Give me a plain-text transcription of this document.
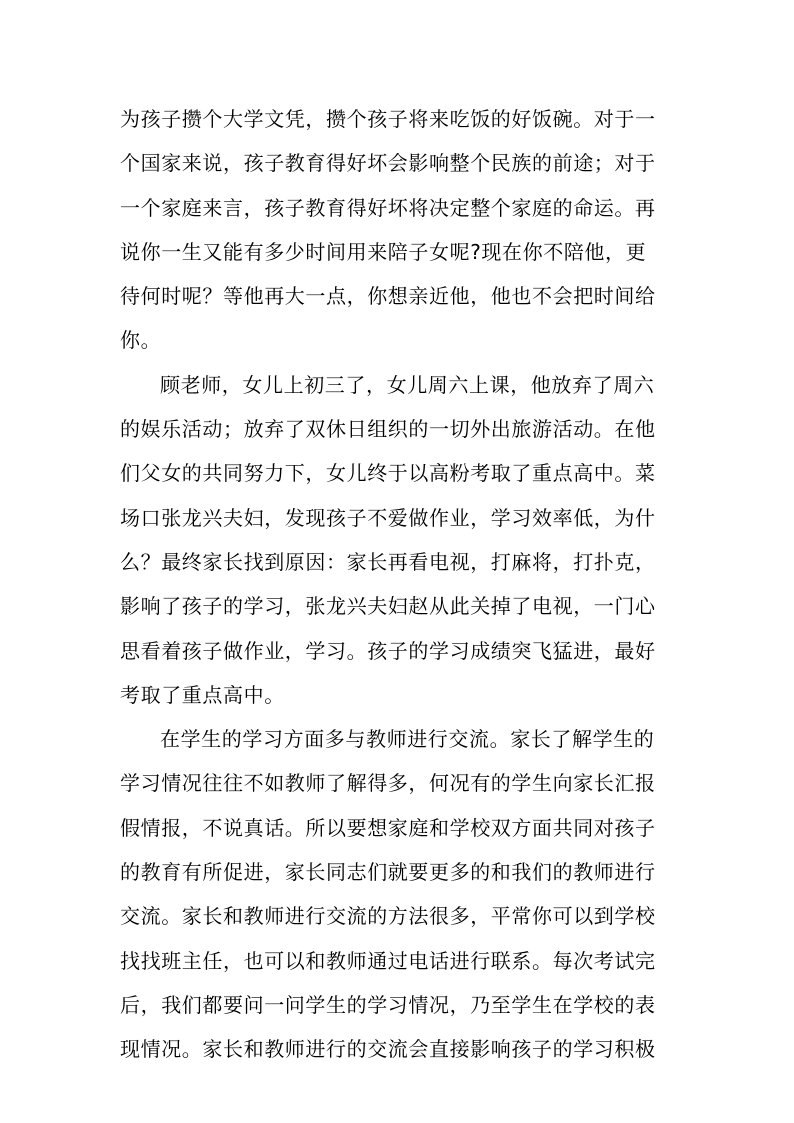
为孩子攒个大学文凭，攒个孩子将来吃饭的好饭碗。对于一
个国家来说，孩子教育得好坏会影响整个民族的前途；对于
一个家庭来言，孩子教育得好坏将决定整个家庭的命运。再
说你一生又能有多少时间用来陪子女呢?现在你不陪他，更
待何时呢？等他再大一点，你想亲近他，他也不会把时间给
你。
顾老师，女儿上初三了，女儿周六上课，他放弃了周六
的娱乐活动；放弃了双休日组织的一切外出旅游活动。在他
们父女的共同努力下，女儿终于以高粉考取了重点高中。菜
场口张龙兴夫妇，发现孩子不爱做作业，学习效率低，为什
么？最终家长找到原因：家长再看电视，打麻将，打扑克，
影响了孩子的学习，张龙兴夫妇赵从此关掉了电视，一门心
思看着孩子做作业，学习。孩子的学习成绩突飞猛进，最好
考取了重点高中。
在学生的学习方面多与教师进行交流。家长了解学生的
学习情况往往不如教师了解得多，何况有的学生向家长汇报
假情报，不说真话。所以要想家庭和学校双方面共同对孩子
的教育有所促进，家长同志们就要更多的和我们的教师进行
交流。家长和教师进行交流的方法很多，平常你可以到学校
找找班主任，也可以和教师通过电话进行联系。每次考试完
后，我们都要问一问学生的学习情况，乃至学生在学校的表
现情况。家长和教师进行的交流会直接影响孩子的学习积极
